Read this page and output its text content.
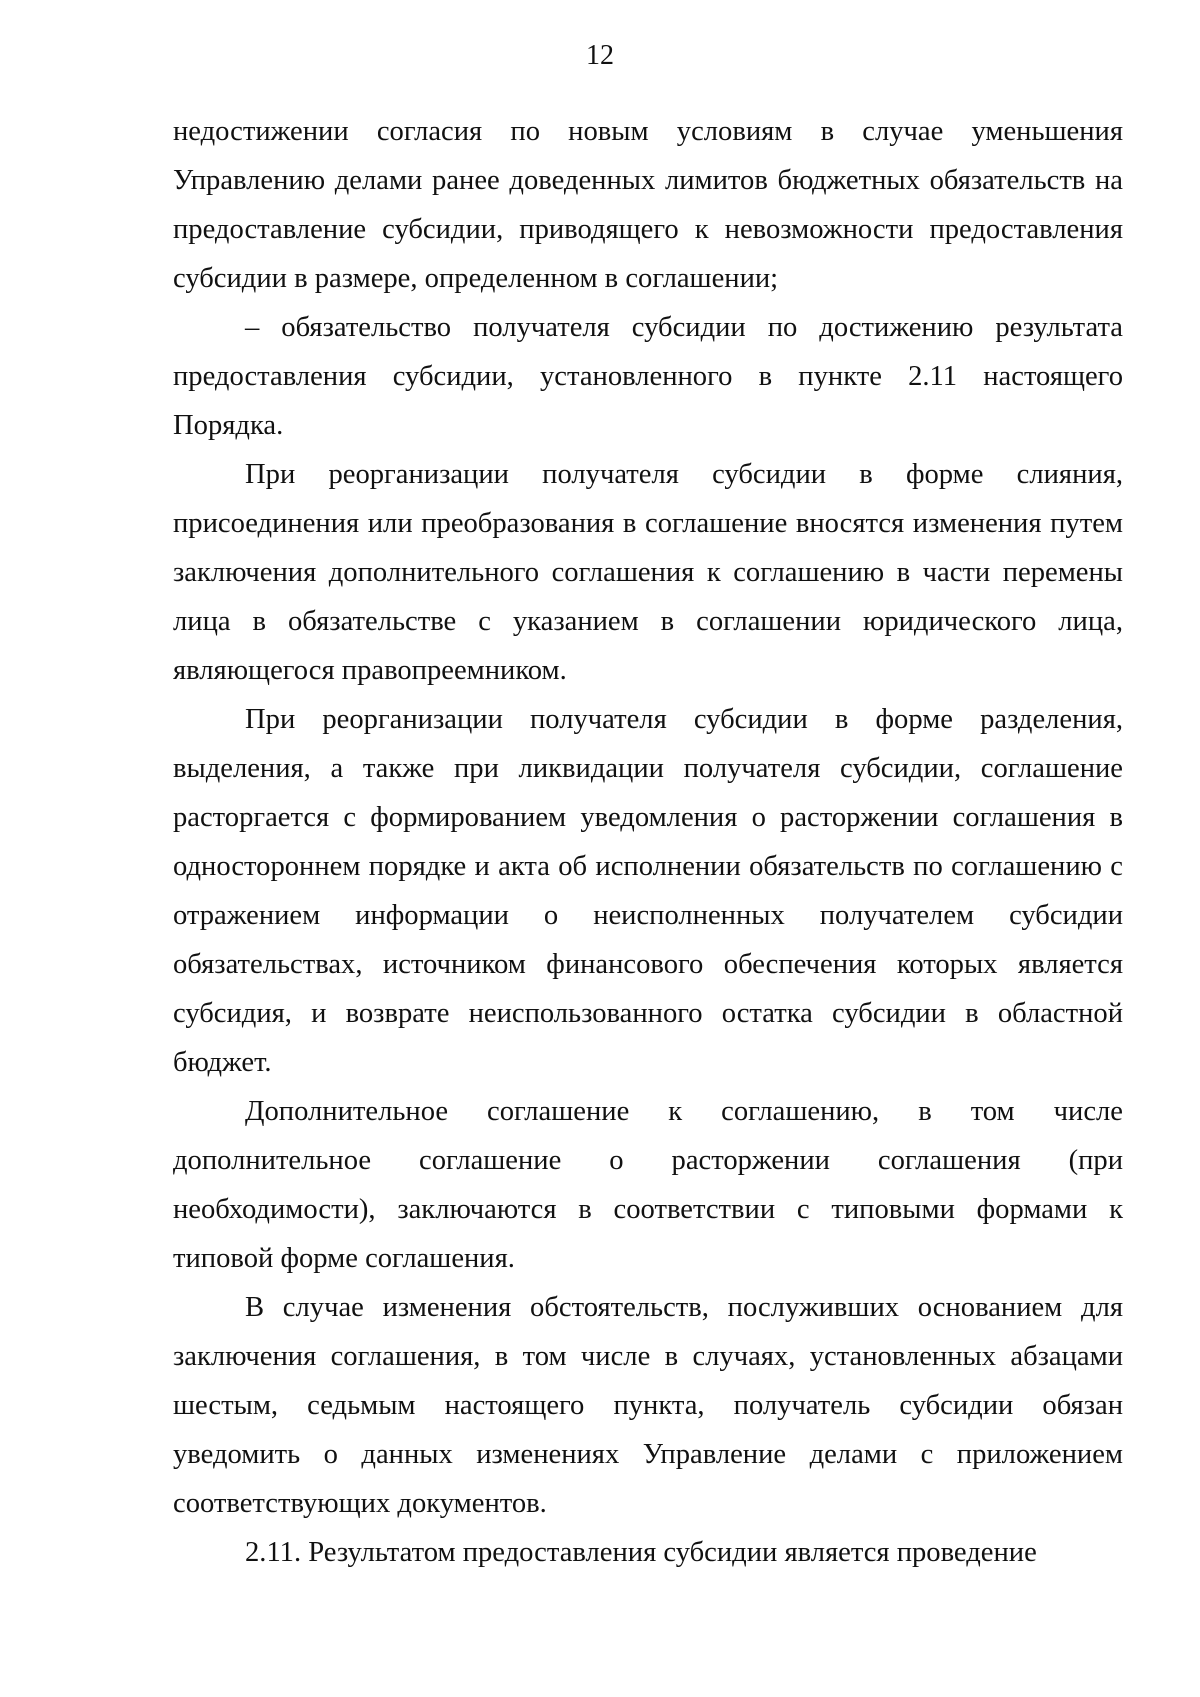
12

недостижении согласия по новым условиям в случае уменьшения Управлению делами ранее доведенных лимитов бюджетных обязательств на предоставление субсидии, приводящего к невозможности предоставления субсидии в размере, определенном в соглашении;

– обязательство получателя субсидии по достижению результата предоставления субсидии, установленного в пункте 2.11 настоящего Порядка.

При реорганизации получателя субсидии в форме слияния, присоединения или преобразования в соглашение вносятся изменения путем заключения дополнительного соглашения к соглашению в части перемены лица в обязательстве с указанием в соглашении юридического лица, являющегося правопреемником.

При реорганизации получателя субсидии в форме разделения, выделения, а также при ликвидации получателя субсидии, соглашение расторгается с формированием уведомления о расторжении соглашения в одностороннем порядке и акта об исполнении обязательств по соглашению с отражением информации о неисполненных получателем субсидии обязательствах, источником финансового обеспечения которых является субсидия, и возврате неиспользованного остатка субсидии в областной бюджет.

Дополнительное соглашение к соглашению, в том числе дополнительное соглашение о расторжении соглашения (при необходимости), заключаются в соответствии с типовыми формами к типовой форме соглашения.

В случае изменения обстоятельств, послуживших основанием для заключения соглашения, в том числе в случаях, установленных абзацами шестым, седьмым настоящего пункта, получатель субсидии обязан уведомить о данных изменениях Управление делами с приложением соответствующих документов.

2.11. Результатом предоставления субсидии является проведение
